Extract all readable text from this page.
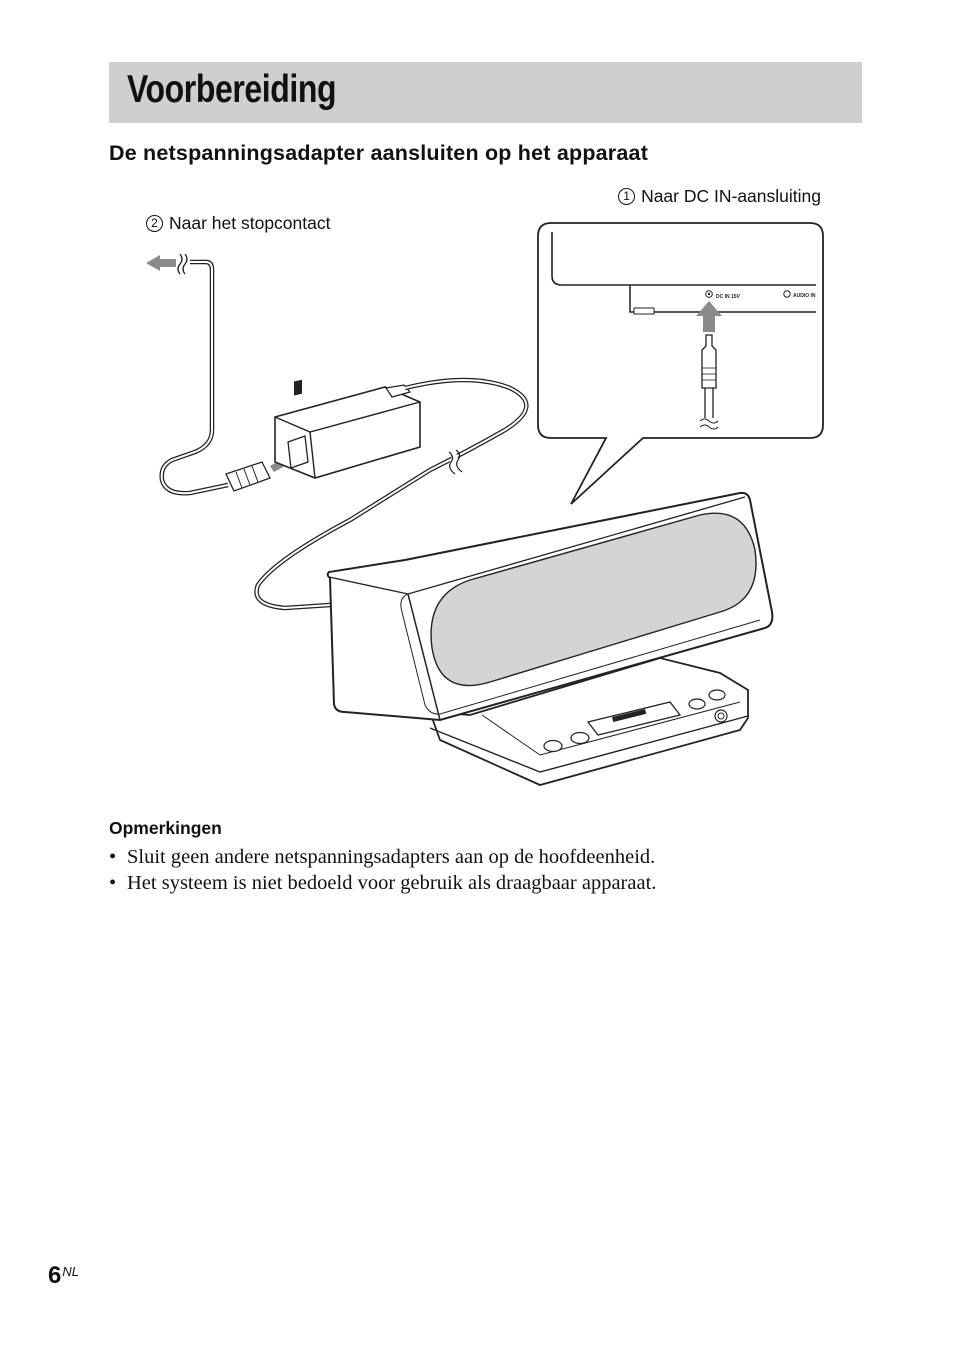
Voorbereiding
De netspanningsadapter aansluiten op het apparaat
1 Naar DC IN-aansluiting
2 Naar het stopcontact
DC IN 15V	AUDIO IN
Opmerkingen
• Sluit geen andere netspanningsadapters aan op de hoofdeenheid.
• Het systeem is niet bedoeld voor gebruik als draagbaar apparaat.
$6^{NL}$
